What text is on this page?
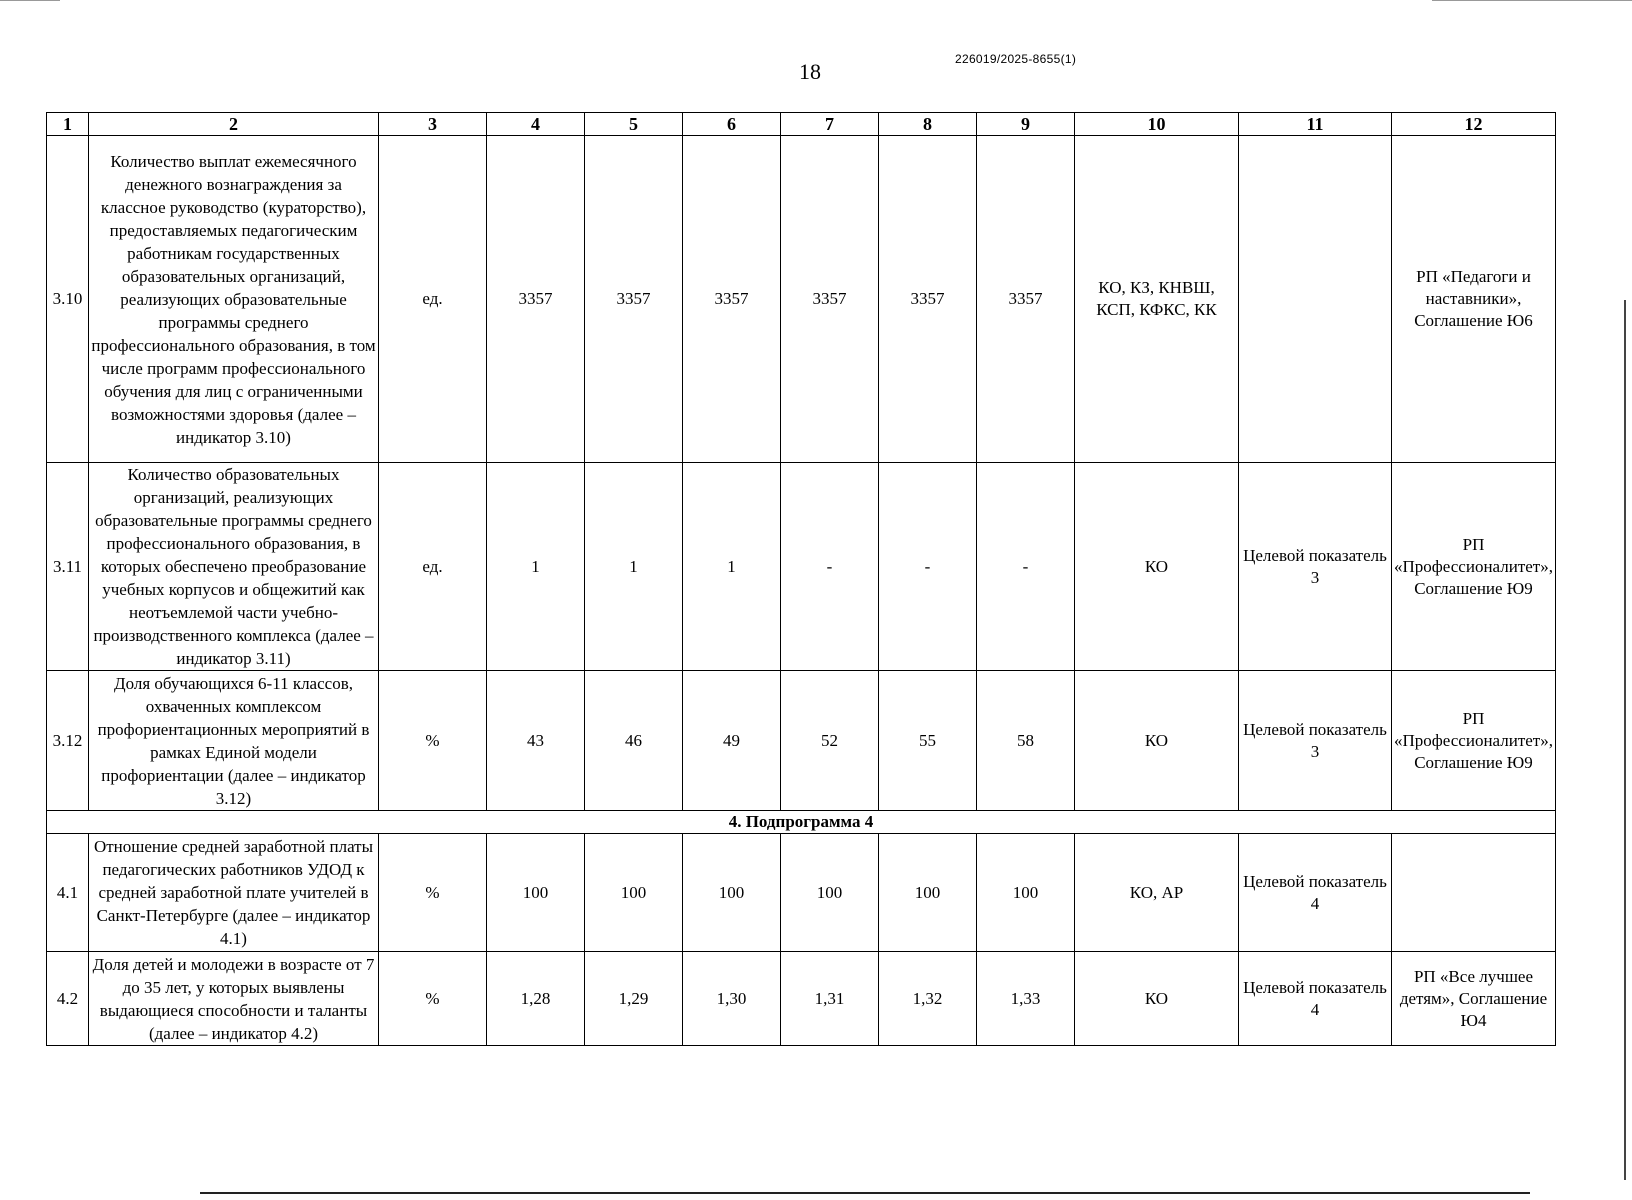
18	226019/2025-8655(1)
1	2	3	4	5	6	7	8	9	10	11	12
3.10	Количество выплат ежемесячного денежного вознаграждения за классное руководство (кураторство), предоставляемых педагогическим работникам государственных образовательных организаций, реализующих образовательные программы среднего профессионального образования, в том числе программ профессионального обучения для лиц с ограниченными возможностями здоровья (далее – индикатор 3.10)	ед.	3357	3357	3357	3357	3357	3357	КО, КЗ, КНВШ, КСП, КФКС, КК		РП «Педагоги и наставники», Соглашение Ю6
3.11	Количество образовательных организаций, реализующих образовательные программы среднего профессионального образования, в которых обеспечено преобразование учебных корпусов и общежитий как неотъемлемой части учебно-производственного комплекса (далее – индикатор 3.11)	ед.	1	1	1	-	-	-	КО	Целевой показатель 3	РП «Профессионалитет», Соглашение Ю9
3.12	Доля обучающихся 6-11 классов, охваченных комплексом профориентационных мероприятий в рамках Единой модели профориентации (далее – индикатор 3.12)	%	43	46	49	52	55	58	КО	Целевой показатель 3	РП «Профессионалитет», Соглашение Ю9
4. Подпрограмма 4											
4.1	Отношение средней заработной платы педагогических работников УДОД к средней заработной плате учителей в Санкт-Петербурге (далее – индикатор 4.1)	%	100	100	100	100	100	100	КО, АР	Целевой показатель 4	
4.2	Доля детей и молодежи в возрасте от 7 до 35 лет, у которых выявлены выдающиеся способности и таланты (далее – индикатор 4.2)	%	1,28	1,29	1,30	1,31	1,32	1,33	КО	Целевой показатель 4	РП «Все лучшее детям», Соглашение Ю4
